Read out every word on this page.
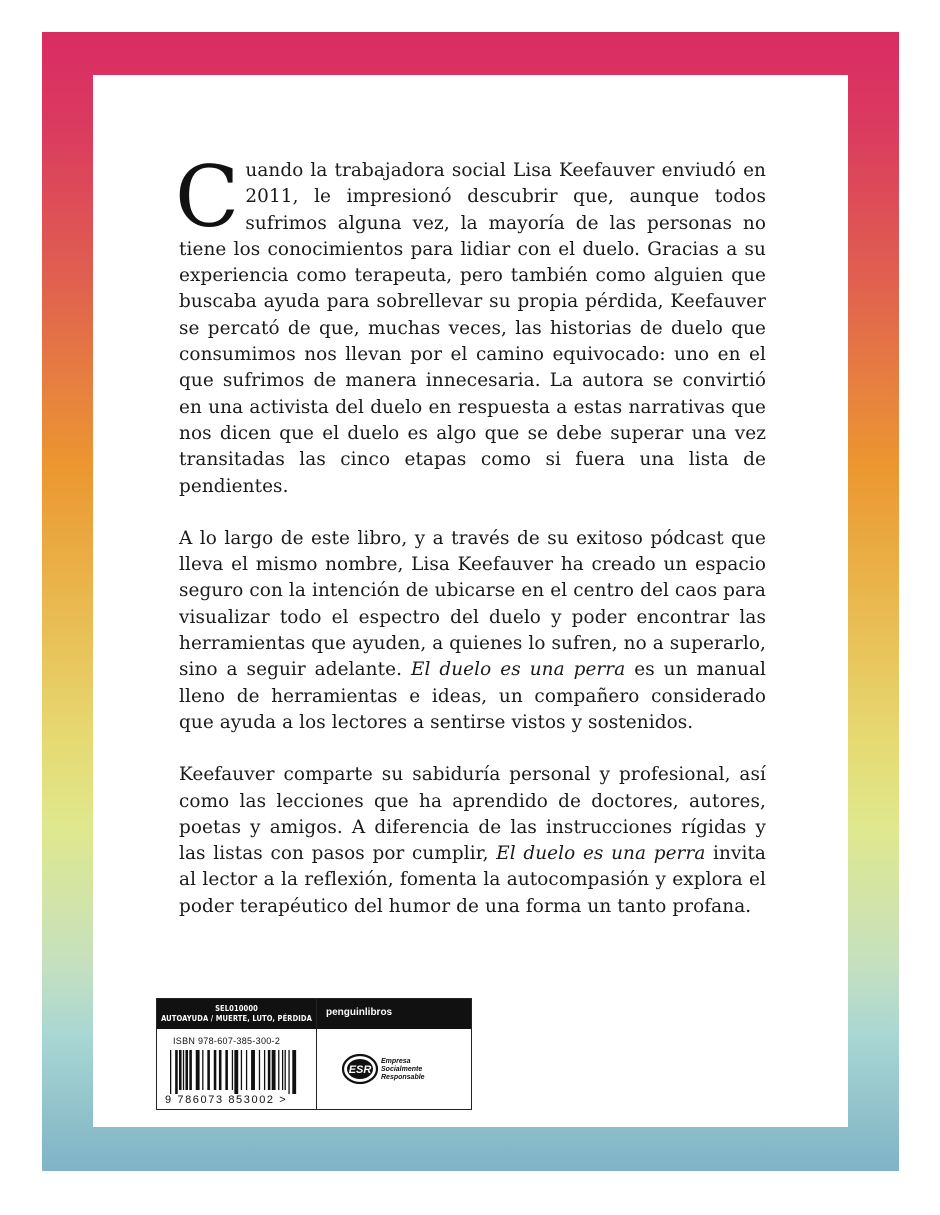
Cuando la trabajadora social Lisa Keefauver enviudó en 2011, le impresionó descubrir que, aunque todos sufrimos alguna vez, la mayoría de las personas no tiene los conocimientos para lidiar con el duelo. Gracias a su experiencia como terapeuta, pero también como alguien que buscaba ayuda para sobrellevar su propia pérdida, Keefauver se percató de que, muchas veces, las historias de duelo que consumimos nos llevan por el camino equivocado: uno en el que sufrimos de manera innecesaria. La autora se convirtió en una activista del duelo en respuesta a estas narrativas que nos dicen que el duelo es algo que se debe superar una vez transitadas las cinco etapas como si fuera una lista de pendientes.

A lo largo de este libro, y a través de su exitoso pódcast que lleva el mismo nombre, Lisa Keefauver ha creado un espacio seguro con la intención de ubicarse en el centro del caos para visualizar todo el espectro del duelo y poder encontrar las herramientas que ayuden, a quienes lo sufren, no a superarlo, sino a seguir adelante. El duelo es una perra es un manual lleno de herramientas e ideas, un compañero considerado que ayuda a los lectores a sentirse vistos y sostenidos.

Keefauver comparte su sabiduría personal y profesional, así como las lecciones que ha aprendido de doctores, autores, poetas y amigos. A diferencia de las instrucciones rígidas y las listas con pasos por cumplir, El duelo es una perra invita al lector a la reflexión, fomenta la autocompasión y explora el poder terapéutico del humor de una forma un tanto profana.

SEL010000
AUTOAYUDA / MUERTE, LUTO, PÉRDIDA
ISBN 978-607-385-300-2
9 786073 853002 >
penguinlibros
ESR
Empresa
Socialmente
Responsable
